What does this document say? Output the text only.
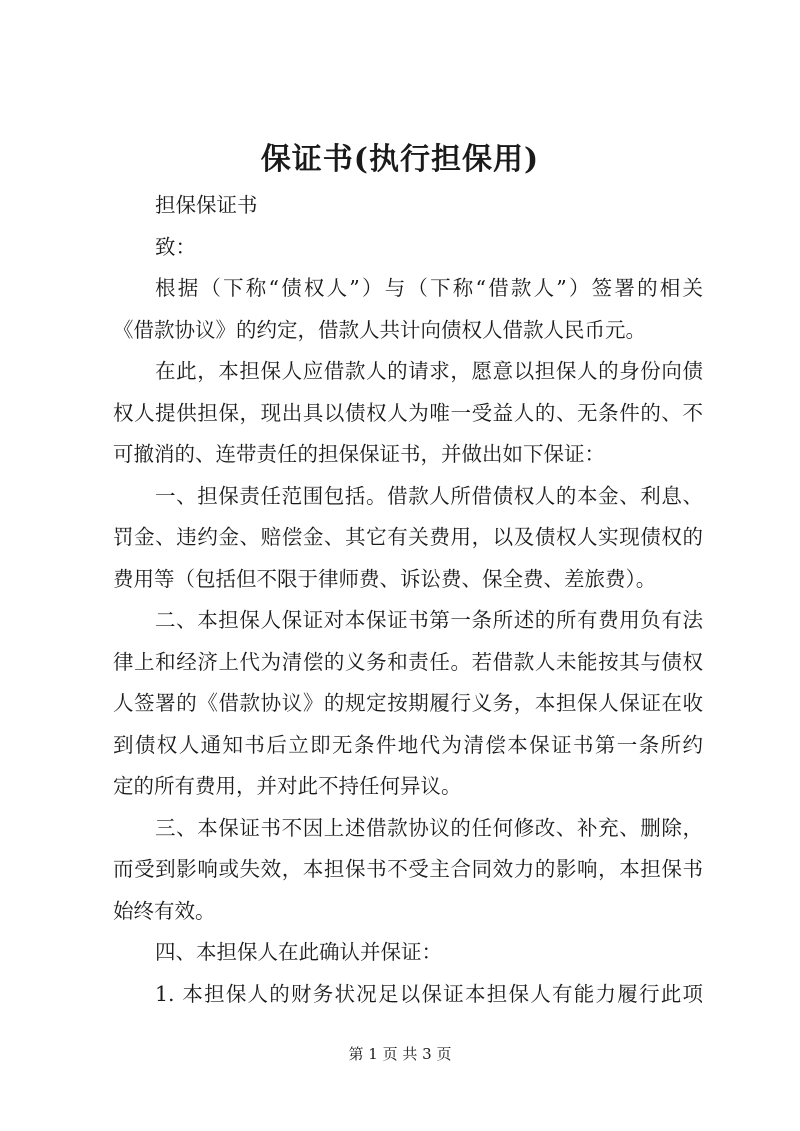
保证书(执行担保用)
担保保证书
致：
根据（下称“债权人”）与（下称“借款人”）签署的相关
《借款协议》的约定，借款人共计向债权人借款人民币元。
在此，本担保人应借款人的请求，愿意以担保人的身份向债
权人提供担保，现出具以债权人为唯一受益人的、无条件的、不
可撤消的、连带责任的担保保证书，并做出如下保证：
一、担保责任范围包括。借款人所借债权人的本金、利息、
罚金、违约金、赔偿金、其它有关费用，以及债权人实现债权的
费用等（包括但不限于律师费、诉讼费、保全费、差旅费）。
二、本担保人保证对本保证书第一条所述的所有费用负有法
律上和经济上代为清偿的义务和责任。若借款人未能按其与债权
人签署的《借款协议》的规定按期履行义务，本担保人保证在收
到债权人通知书后立即无条件地代为清偿本保证书第一条所约
定的所有费用，并对此不持任何异议。
三、本保证书不因上述借款协议的任何修改、补充、删除，
而受到影响或失效，本担保书不受主合同效力的影响，本担保书
始终有效。
四、本担保人在此确认并保证：
1. 本担保人的财务状况足以保证本担保人有能力履行此项
第 1 页 共 3 页
